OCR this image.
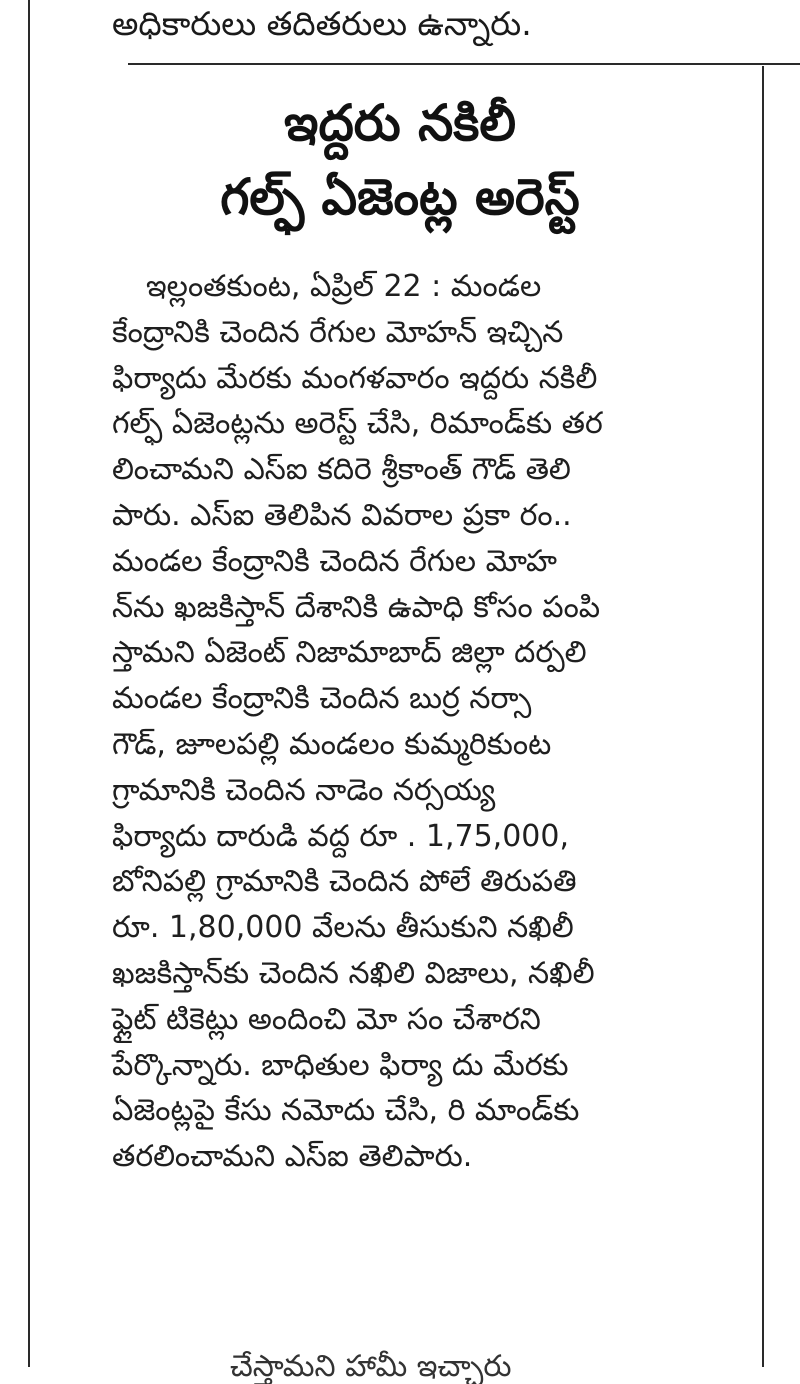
అధికారులు తదితరులు ఉన్నారు.
ఇద్దరు నకిలీ
గల్ఫ్ ఏజెంట్ల అరెస్ట్
ఇల్లంతకుంట, ఏప్రిల్ 22 : మండల
కేంద్రానికి చెందిన రేగుల మోహన్ ఇచ్చిన
ఫిర్యాదు మేరకు మంగళవారం ఇద్దరు నకిలీ
గల్ఫ్ ఏజెంట్లను అరెస్ట్ చేసి, రిమాండ్‌కు తర
లించామని ఎస్ఐ కదిరె శ్రీకాంత్ గౌడ్ తెలి
పారు. ఎస్ఐ తెలిపిన వివరాల ప్రకా రం..
మండల కేంద్రానికి చెందిన రేగుల మోహ
న్‌ను ఖజకిస్తాన్ దేశానికి ఉపాధి కోసం పంపి
స్తామని ఏజెంట్ నిజామాబాద్ జిల్లా దర్పలి
మండల కేంద్రానికి చెందిన బుర్ర నర్సా
గౌడ్, జూలపల్లి మండలం కుమ్మరికుంట
గ్రామానికి చెందిన నాడెం నర్సయ్య
ఫిర్యాదు దారుడి వద్ద రూ . 1,75,000,
బోనిపల్లి గ్రామానికి చెందిన పోలే తిరుపతి
రూ. 1,80,000 వేలను తీసుకుని నఖిలీ
ఖజకిస్తాన్‌కు చెందిన నఖిలి విజాలు, నఖిలీ
ఫ్లైట్ టికెట్లు అందించి మో సం చేశారని
పేర్కొన్నారు. బాధితుల ఫిర్యా దు మేరకు
ఏజెంట్లపై కేసు నమోదు చేసి, రి మాండ్‌కు
తరలించామని ఎస్ఐ తెలిపారు.
చేస్తామని హామీ ఇచ్చారు
